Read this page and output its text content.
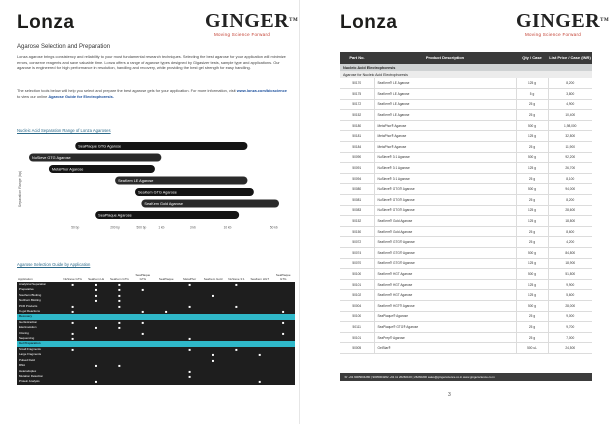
Lonza	GINGER™
Moving Science Forward
Agarose Selection and Preparation
Lonza agarose brings consistency and reliability to your most fundamental research techniques. Selecting the best agarose for your application will minimize errors, conserve reagents and save valuable time. Lonza offers a range of agarose types designed by Gigasizer tests, sample type and applications. Our agarose is engineered for high performance in resolution, handling and recovery, while providing the best gel strength for easy handling.
The selection tools below will help you select and prepare the best agarose gels for your application. For more information, visit www.lonza.com/bioscience to view our online Agarose Guide for Electrophoresis.
Nucleic Acid Separation Range of Lonza Agaroses
Separation Range (bp)
SeaPlaque GTG Agarose
NuSieve GTG Agarose
MetaPhor Agarose
SeaKem LE Agarose
SeaKem GTG Agarose
SeaKem Gold Agarose
SeaPlaque Agarose
50 bp	200 bp	500 bp	1 kb	3 kb	10 kb	50 kb
Agarose Selection Guide by Application
Application	NuSieve GTG	SeaKem LE	SeaKem GTG	SeaPlaque GTG	SeaPlaque	MetaPhor	SeaKem Gold	NuSieve 3:1	SeaKem HGT	SeaPlaque GTG
Analytical Separation	■	■	■			■		■		
Preparative		■	■	■						
Southern Blotting		■	■				■			
Northern Blotting		■	■							
PCR Products	■		■			■		■		
In-gel Reactions	■			■	■					■
Recovery										
Gel Extraction	■		■	■						■
Electroelution		■	■							
Cloning	■			■						■
Sequencing	■					■				
Gel Preparation										
Small Fragments	■					■		■		
Large Fragments							■		■	
Pulsed Field							■			
RNA		■	■							
Heteroduplex						■				
Mutation Detection						■				
Protein Analysis		■							■	
Lonza	GINGER™
Moving Science Forward
Part No.	Product Description	Qty / Case	List Price / Case (INR)
Nucleic Acid Electrophoresis			
Agarose for Nucleic Acid Electrophoresis			
50170	SeaKem® LE Agarose	125 g	8,200
50175	SeaKem® LE Agarose	5 g	3,800
50172	SeaKem® LE Agarose	25 g	4,900
50152	SeaKem® LE Agarose	25 g	10,400
50180	MetaPhor® Agarose	500 g	1,98,000
50181	MetaPhor® Agarose	125 g	32,800
50184	MetaPhor® Agarose	25 g	11,900
50090	NuSieve® 3:1 Agarose	500 g	92,200
50091	NuSieve® 3:1 Agarose	125 g	26,700
50094	NuSieve® 3:1 Agarose	25 g	8,100
50080	NuSieve® GTG® Agarose	500 g	94,000
50081	NuSieve® GTG® Agarose	25 g	8,200
50083	NuSieve® GTG® Agarose	125 g	28,600
50152	SeaKem® Gold Agarose	125 g	18,800
50150	SeaKem® Gold Agarose	25 g	8,600
50072	SeaKem® GTG® Agarose	25 g	4,200
50074	SeaKem® GTG® Agarose	500 g	84,800
50070	SeaKem® GTG® Agarose	125 g	18,900
50100	SeaKem® HGT Agarose	500 g	51,800
50101	SeaKem® HGT Agarose	125 g	9,900
50102	SeaKem® HGT Agarose	125 g	5,600
50004	SeaKem® HGT® Agarose	500 g	28,000
50100	SeaPlaque® Agarose	25 g	9,000
50111	SeaPlaque® GTG® Agarose	25 g	9,700
50101	SeaPrep® Agarose	25 g	7,000
50005	GelStar®	500 uL	24,500
☏ +91 9005004280 | 9005004262 +91 11 26260100 | 26260200 sales@gingerscience.co.in www.gingerscience.co.in
3
